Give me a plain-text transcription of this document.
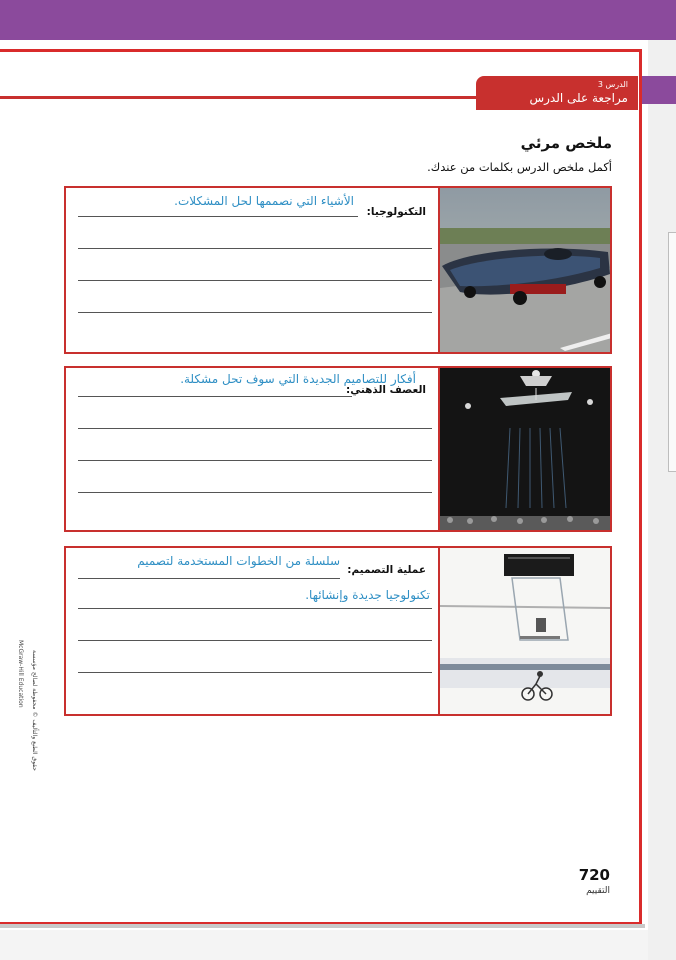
الدرس 3
مراجعة على الدرس
ملخص مرئي
أكمل ملخص الدرس بكلمات من عندك.
التكنولوجيا:
الأشياء التي نصممها لحل المشكلات.
العصف الذهني:
أفكار للتصاميم الجديدة التي سوف تحل مشكلة.
عملية التصميم:
سلسلة من الخطوات المستخدمة لتصميم
تكنولوجيا جديدة وإنشائها.
McGraw-Hill Education حقوق الطبع والتأليف © محفوظة لصالح مؤسسة
720
التقييم
